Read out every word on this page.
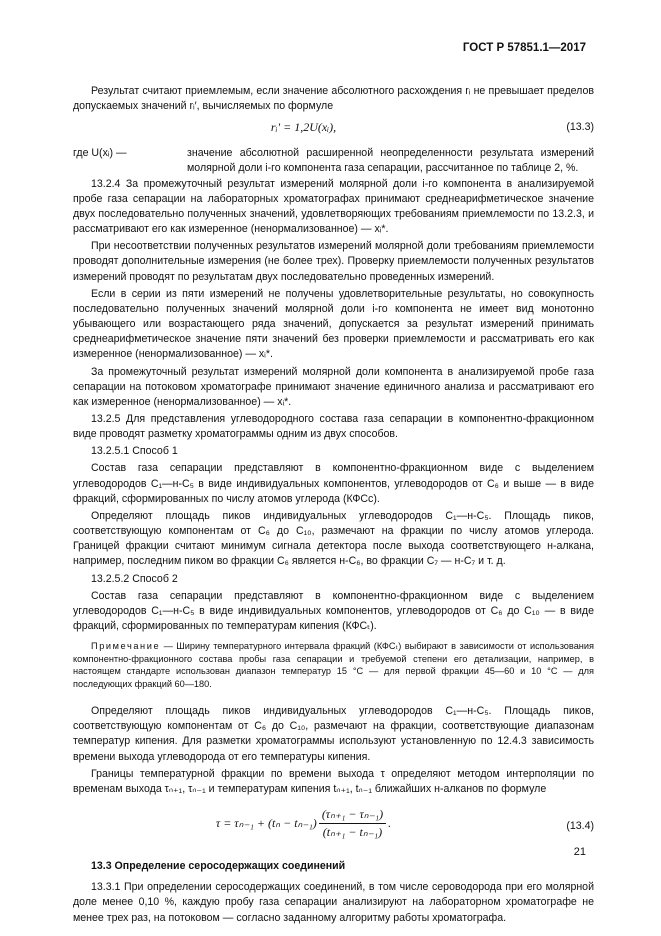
ГОСТ Р 57851.1—2017

Результат считают приемлемым, если значение абсолютного расхождения rᵢ не превышает пределов допускаемых значений rᵢ′, вычисляемых по формуле

rᵢ′ = 1,2U(xᵢ),	(13.3)
где U(xᵢ) —	значение абсолютной расширенной неопределенности результата измерений молярной доли i-го компонента газа сепарации, рассчитанное по таблице 2, %.

13.2.4 За промежуточный результат измерений молярной доли i-го компонента в анализируемой пробе газа сепарации на лабораторных хроматографах принимают среднеарифметическое значение двух последовательно полученных значений, удовлетворяющих требованиям приемлемости по 13.2.3, и рассматривают его как измеренное (ненормализованное) — xᵢ*.

При несоответствии полученных результатов измерений молярной доли требованиям приемлемости проводят дополнительные измерения (не более трех). Проверку приемлемости полученных результатов измерений проводят по результатам двух последовательно проведенных измерений.

Если в серии из пяти измерений не получены удовлетворительные результаты, но совокупность последовательно полученных значений молярной доли i-го компонента не имеет вид монотонно убывающего или возрастающего ряда значений, допускается за результат измерений принимать среднеарифметическое значение пяти значений без проверки приемлемости и рассматривать его как измеренное (ненормализованное) — xᵢ*.

За промежуточный результат измерений молярной доли компонента в анализируемой пробе газа сепарации на потоковом хроматографе принимают значение единичного анализа и рассматривают его как измеренное (ненормализованное) — xᵢ*.

13.2.5 Для представления углеводородного состава газа сепарации в компонентно-фракционном виде проводят разметку хроматограммы одним из двух способов.

13.2.5.1 Способ 1

Состав газа сепарации представляют в компонентно-фракционном виде с выделением углеводородов C₁—н-C₅ в виде индивидуальных компонентов, углеводородов от C₆ и выше — в виде фракций, сформированных по числу атомов углерода (КФСᴄ).

Определяют площадь пиков индивидуальных углеводородов C₁—н-C₅. Площадь пиков, соответствующую компонентам от C₆ до C₁₀, размечают на фракции по числу атомов углерода. Границей фракции считают минимум сигнала детектора после выхода соответствующего н-алкана, например, последним пиком во фракции C₆ является н-C₆, во фракции C₇ — н-C₇ и т. д.

13.2.5.2 Способ 2

Состав газа сепарации представляют в компонентно-фракционном виде с выделением углеводородов C₁—н-C₅ в виде индивидуальных компонентов, углеводородов от C₆ до C₁₀ — в виде фракций, сформированных по температурам кипения (КФСₜ).

Примечание — Ширину температурного интервала фракций (КФСₜ) выбирают в зависимости от использования компонентно-фракционного состава пробы газа сепарации и требуемой степени его детализации, например, в настоящем стандарте использован диапазон температур 15 °С — для первой фракции 45—60 и 10 °С — для последующих фракций 60—180.

Определяют площадь пиков индивидуальных углеводородов C₁—н-C₅. Площадь пиков, соответствующую компонентам от C₆ до C₁₀, размечают на фракции, соответствующие диапазонам температур кипения. Для разметки хроматограммы используют установленную по 12.4.3 зависимость времени выхода углеводорода от его температуры кипения.

Границы температурной фракции по времени выхода τ определяют методом интерполяции по временам выхода τₙ₊₁, τₙ₋₁ и температурам кипения tₙ₊₁, tₙ₋₁ ближайших н-алканов по формуле

$\tau = \tau_{n-1} + (t_n - t_{n-1}) \frac{\text{(τₙ₊₁ − τₙ₋₁)}}{\text{(tₙ₊₁ − tₙ₋₁)}}$ .	(13.4)
13.3 Определение серосодержащих соединений

13.3.1 При определении серосодержащих соединений, в том числе сероводорода при его молярной доле менее 0,10 %, каждую пробу газа сепарации анализируют на лабораторном хроматографе не менее трех раз, на потоковом — согласно заданному алгоритму работы хроматографа.

21
